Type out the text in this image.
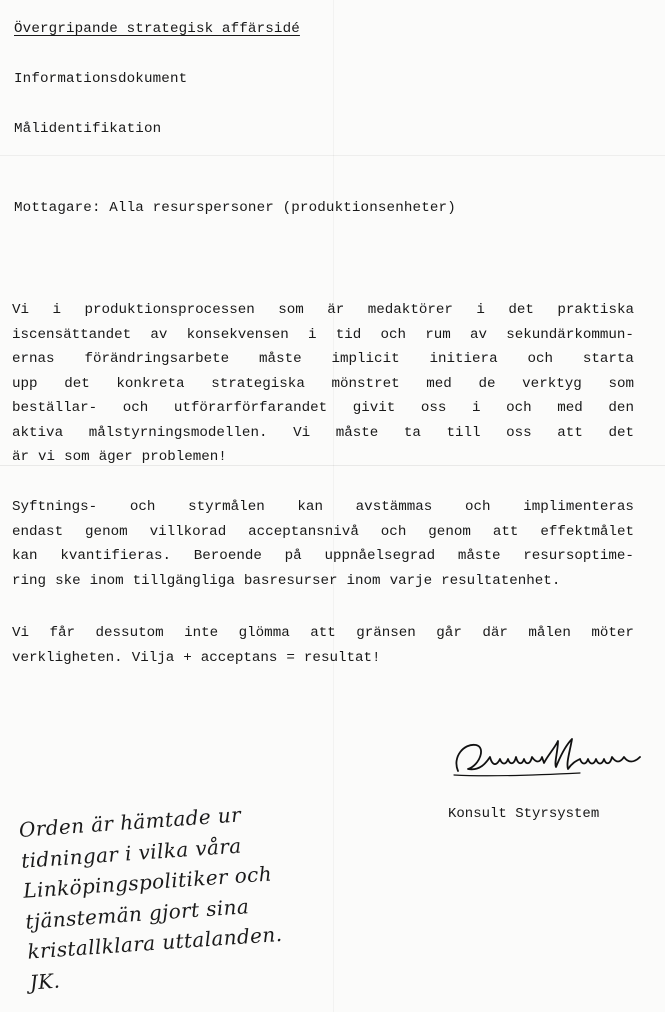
Övergripande strategisk affärsidé
Informationsdokument
Målidentifikation
Mottagare: Alla resurspersoner (produktionsenheter)
Vi i produktionsprocessen som är medaktörer i det praktiska
iscensättandet av konsekvensen i tid och rum av sekundärkommun-
ernas förändringsarbete måste implicit initiera och starta
upp det konkreta strategiska mönstret med de verktyg som
beställar- och utförarförfarandet givit oss i och med den
aktiva målstyrningsmodellen. Vi måste ta till oss att det
är vi som äger problemen!
Syftnings- och styrmålen kan avstämmas och implimenteras
endast genom villkorad acceptansnivå och genom att effektmålet
kan kvantifieras. Beroende på uppnåelsegrad måste resursoptime-
ring ske inom tillgängliga basresurser inom varje resultatenhet.
Vi får dessutom inte glömma att gränsen går där målen möter
verkligheten. Vilja + acceptans = resultat!
Konsult Styrsystem
Orden är hämtade ur
tidningar i vilka våra
Linköpingspolitiker och
tjänstemän gjort sina
kristallklara uttalanden.
JK.
